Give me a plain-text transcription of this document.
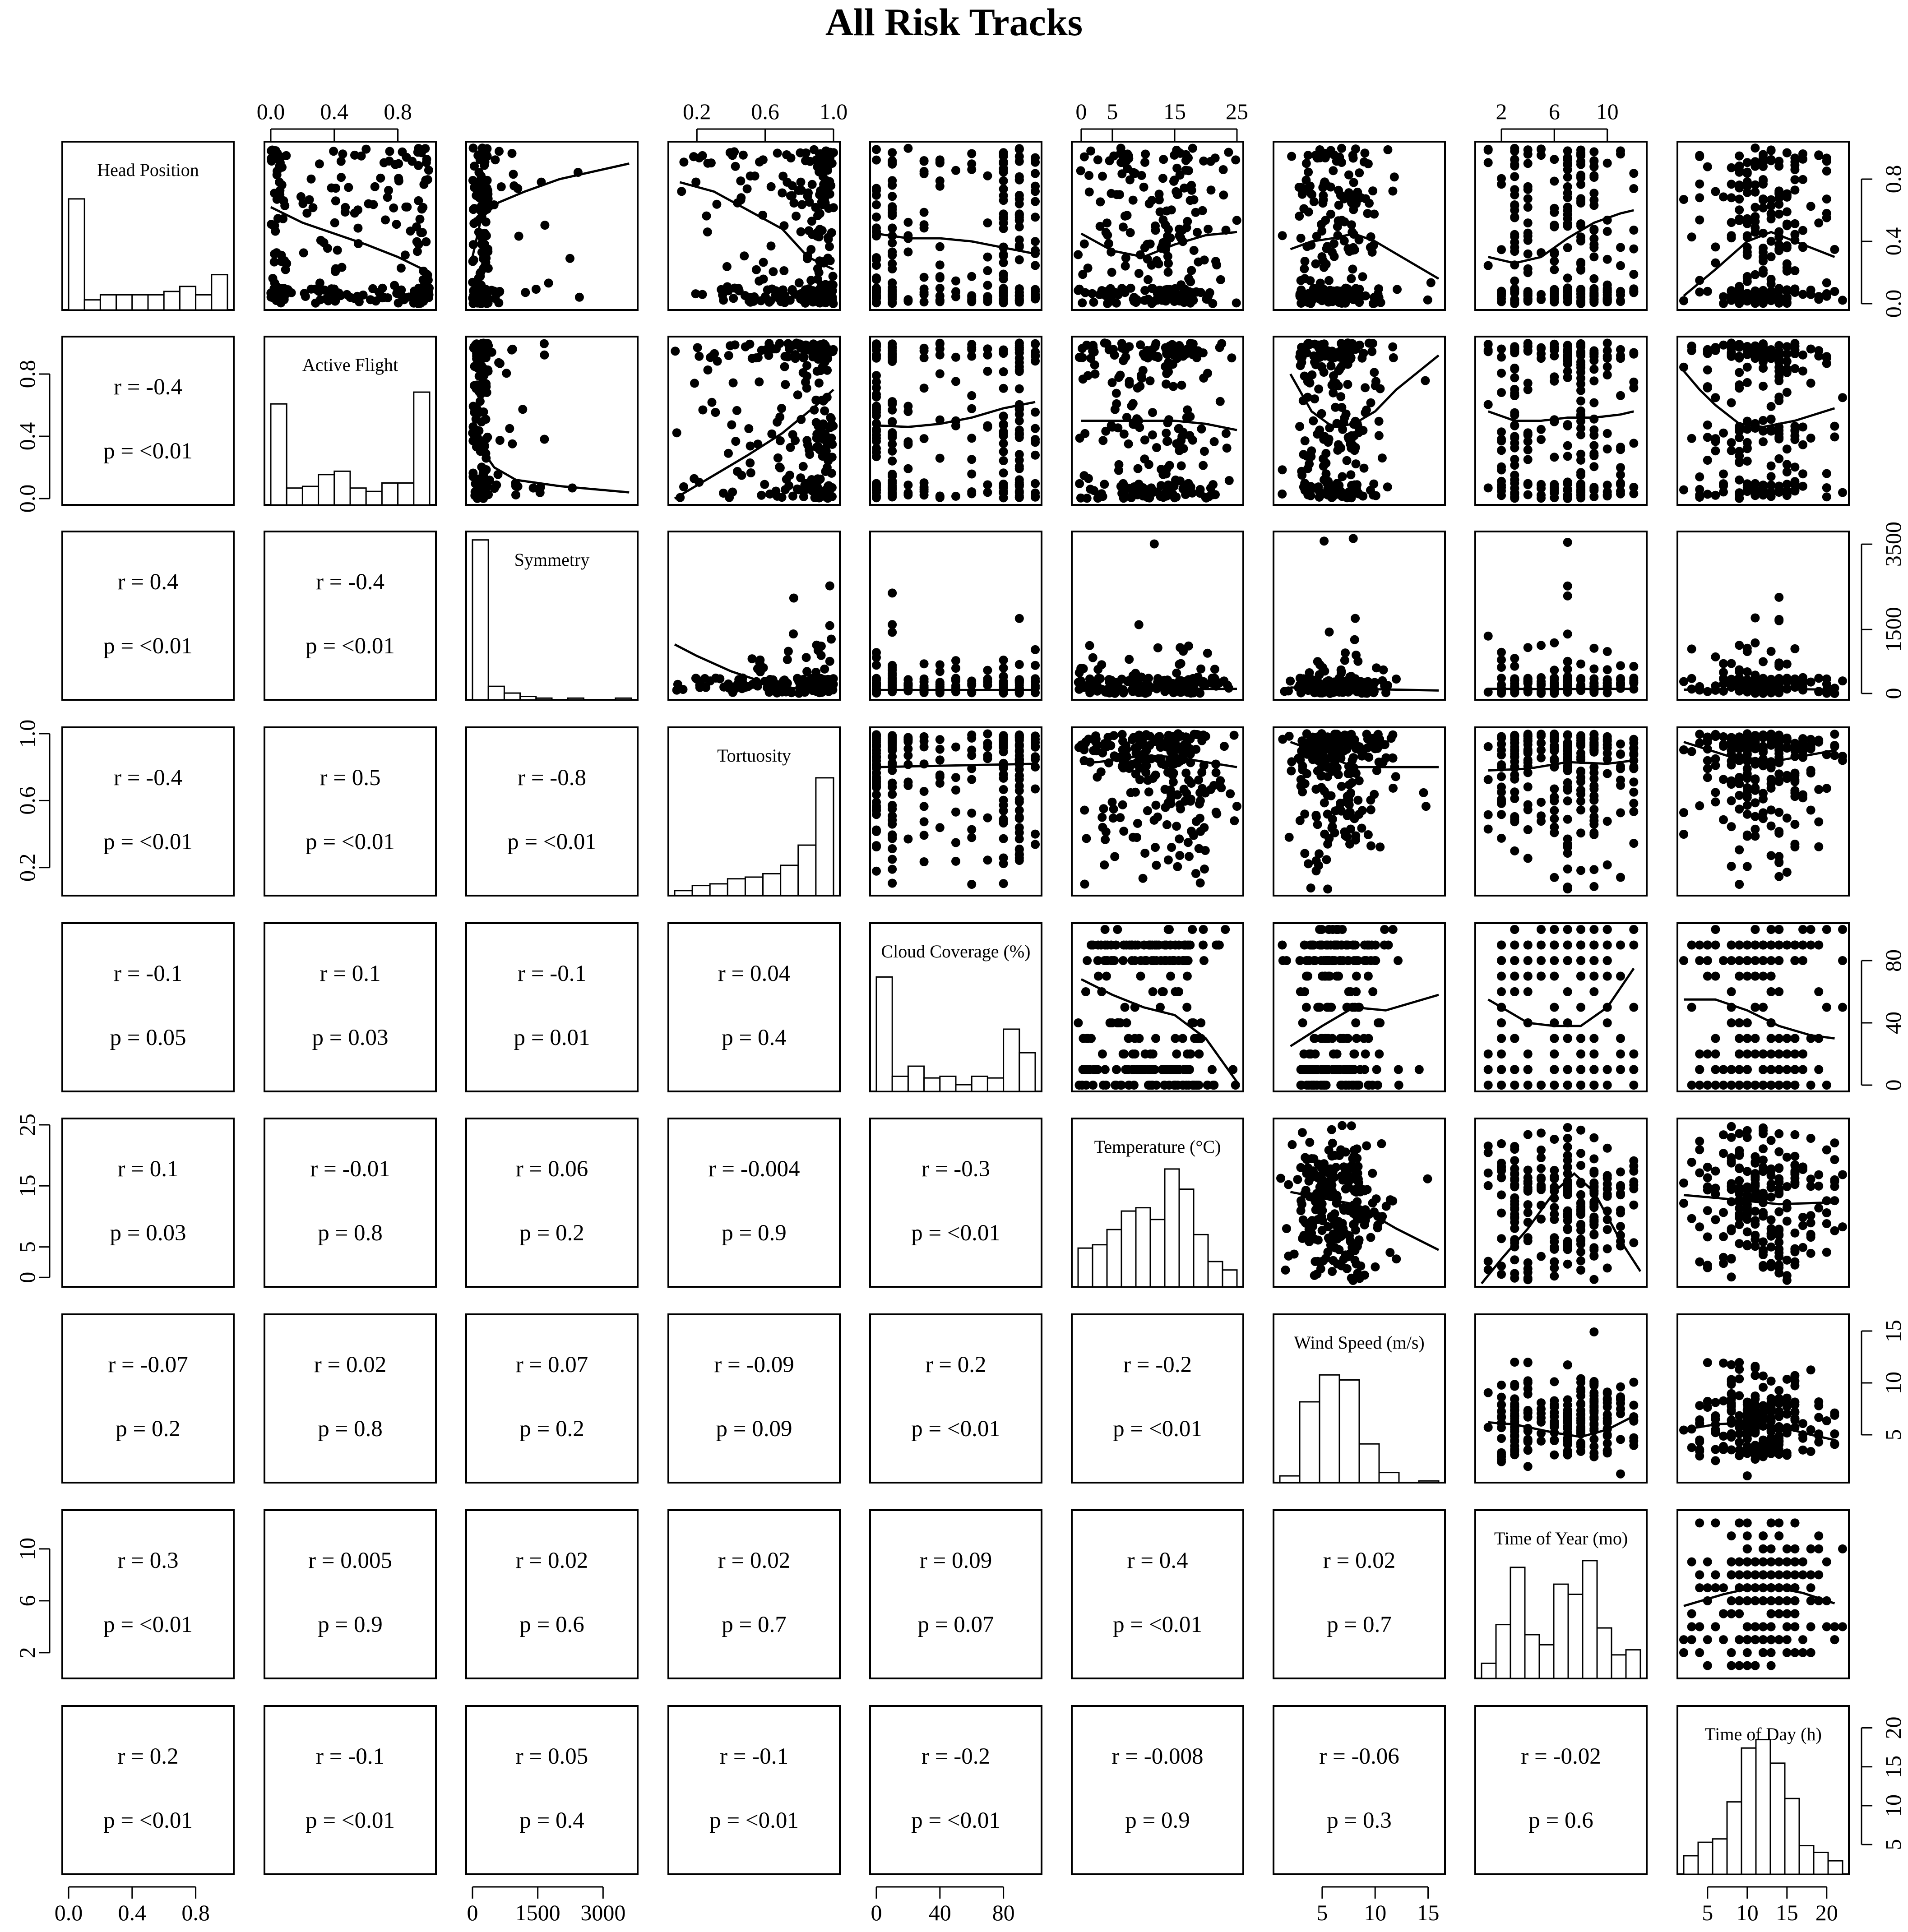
All Risk Tracks
Head Position
r = -0.4
p = <0.01
Active Flight
r = 0.4
p = <0.01
r = -0.4
p = <0.01
Symmetry
r = -0.4
p = <0.01
r = 0.5
p = <0.01
r = -0.8
p = <0.01
Tortuosity
r = -0.1
p = 0.05
r = 0.1
p = 0.03
r = -0.1
p = 0.01
r = 0.04
p = 0.4
Cloud Coverage (%)
r = 0.1
p = 0.03
r = -0.01
p = 0.8
r = 0.06
p = 0.2
r = -0.004
p = 0.9
r = -0.3
p = <0.01
Temperature (°C)
r = -0.07
p = 0.2
r = 0.02
p = 0.8
r = 0.07
p = 0.2
r = -0.09
p = 0.09
r = 0.2
p = <0.01
r = -0.2
p = <0.01
Wind Speed (m/s)
r = 0.3
p = <0.01
r = 0.005
p = 0.9
r = 0.02
p = 0.6
r = 0.02
p = 0.7
r = 0.09
p = 0.07
r = 0.4
p = <0.01
r = 0.02
p = 0.7
Time of Year (mo)
r = 0.2
p = <0.01
r = -0.1
p = <0.01
r = 0.05
p = 0.4
r = -0.1
p = <0.01
r = -0.2
p = <0.01
r = -0.008
p = 0.9
r = -0.06
p = 0.3
r = -0.02
p = 0.6
Time of Day (h)
0.0 0.4 0.8	0.2 0.6 1.0	0 5 15 25	2 6 10
0.0 0.4 0.8	0 1500 3000	0 40 80	5 10 15	5 10 15 20
0.0
0.4
0.8
0.2
0.6
1.0
0
5
15
25
2
6
10
0.0
0.4
0.8
0
1500
3500
0
40
80
5
10
15
5
10
15
20
